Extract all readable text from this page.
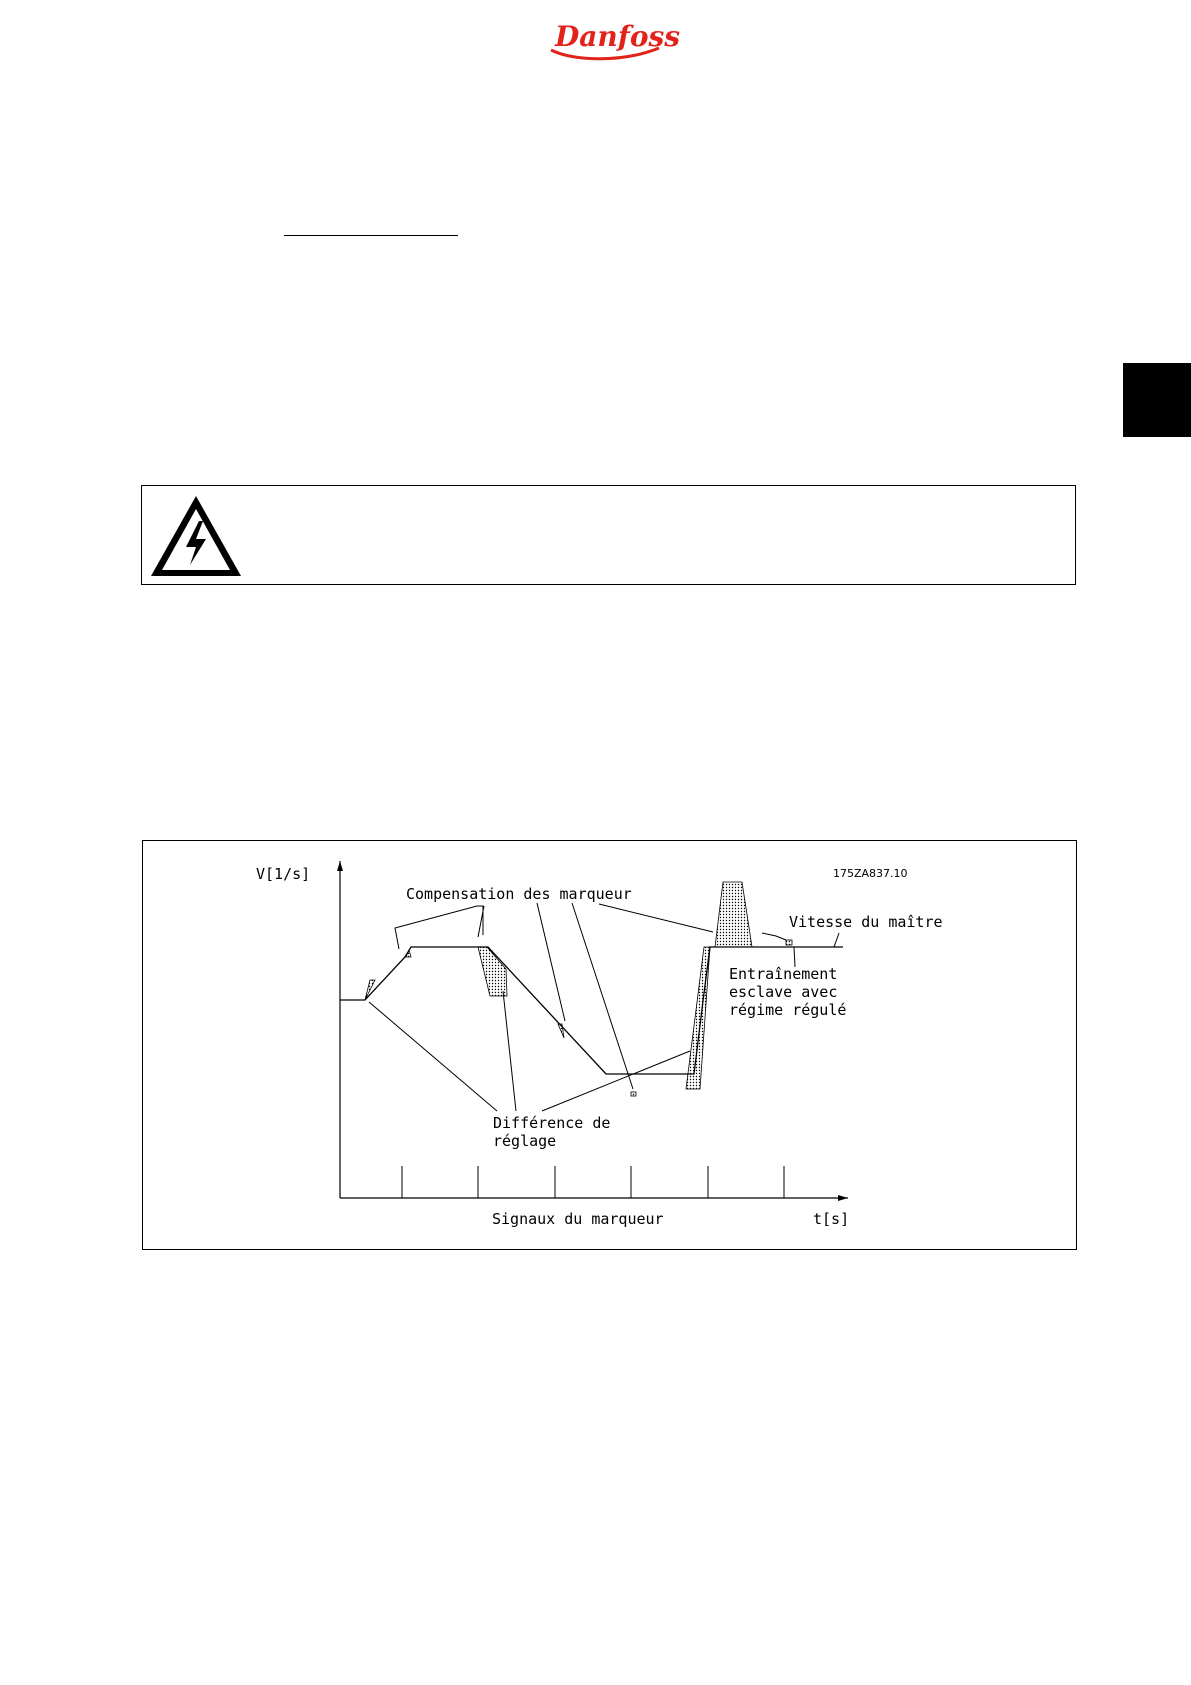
Danfoss
175ZA837.10
V[1/s]
Compensation des marqueur
Vitesse du maître
Entraînement
esclave avec
régime régulé
Différence de
réglage
Signaux du marqueur	t[s]
